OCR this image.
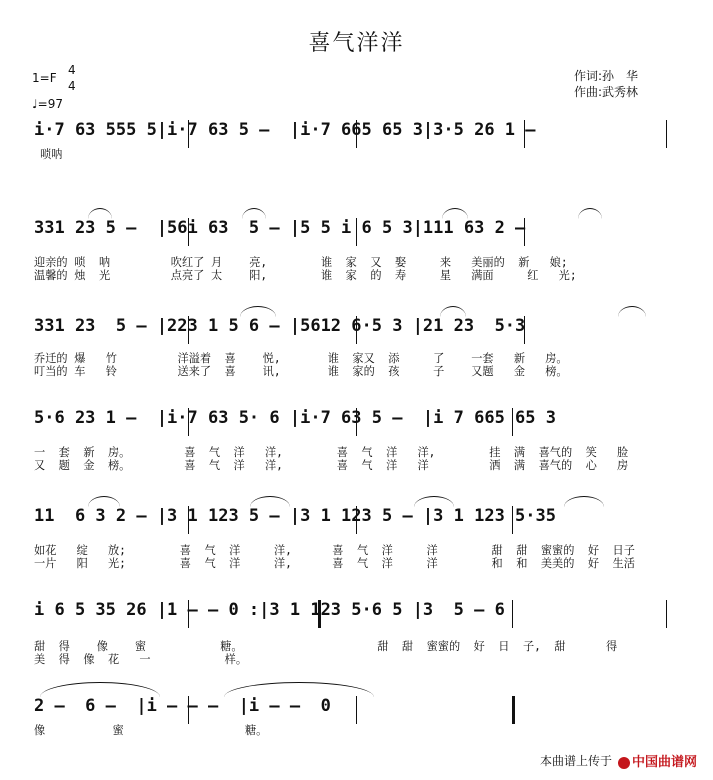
喜气洋洋
1=F
4
4
♩=97
作词:孙　华
作曲:武秀林
i·7 63 555 5|i·7 63 5 –  |i·7 665 65 3|3·5 26 1 –
唢呐
331 23 5 –  |56i 63  5 – |5 5 i 6 5 3|111 63 2 –
迎亲的 唢  呐         吹红了 月    亮,        谁  家  又  娶     来   美丽的  新   娘;
温馨的 烛  光         点亮了 太    阳,        谁  家  的  寿     星   满面     红   光;
331 23  5 – |223 1 5 6 – |5612 6·5 3 |21 23  5·3
乔迁的 爆   竹         洋溢着  喜    悦,       谁  家又  添     了    一套   新   房。
叮当的 车   铃         送来了  喜    讯,       谁  家的  孩     子    又题   金   榜。
5·6 23 1 –  |i·7 63 5· 6 |i·7 63 5 –  |i 7 665 65 3
一  套  新  房。        喜  气  洋   洋,        喜  气  洋   洋,        挂  满  喜气的  笑   脸
又  题  金  榜。        喜  气  洋   洋,        喜  气  洋   洋         洒  满  喜气的  心   房
11  6 3 2 – |3 1 123 5 – |3 1 123 5 – |3 1 123 5·35
如花   绽   放;        喜  气  洋     洋,      喜  气  洋     洋        甜  甜  蜜蜜的  好  日子
一片   阳   光;        喜  气  洋     洋,      喜  气  洋     洋        和  和  美美的  好  生活
i 6 5 35 26 |1 – – 0 :|3 1 123 5·6 5 |3  5 – 6
甜  得    像    蜜           糖。                    甜  甜  蜜蜜的  好  日  子,  甜      得
美  得  像  花   一           样。
2 –  6 –  |i – – –  |i – –  0
像          蜜                  糖。
本曲谱上传于	中国曲谱网
